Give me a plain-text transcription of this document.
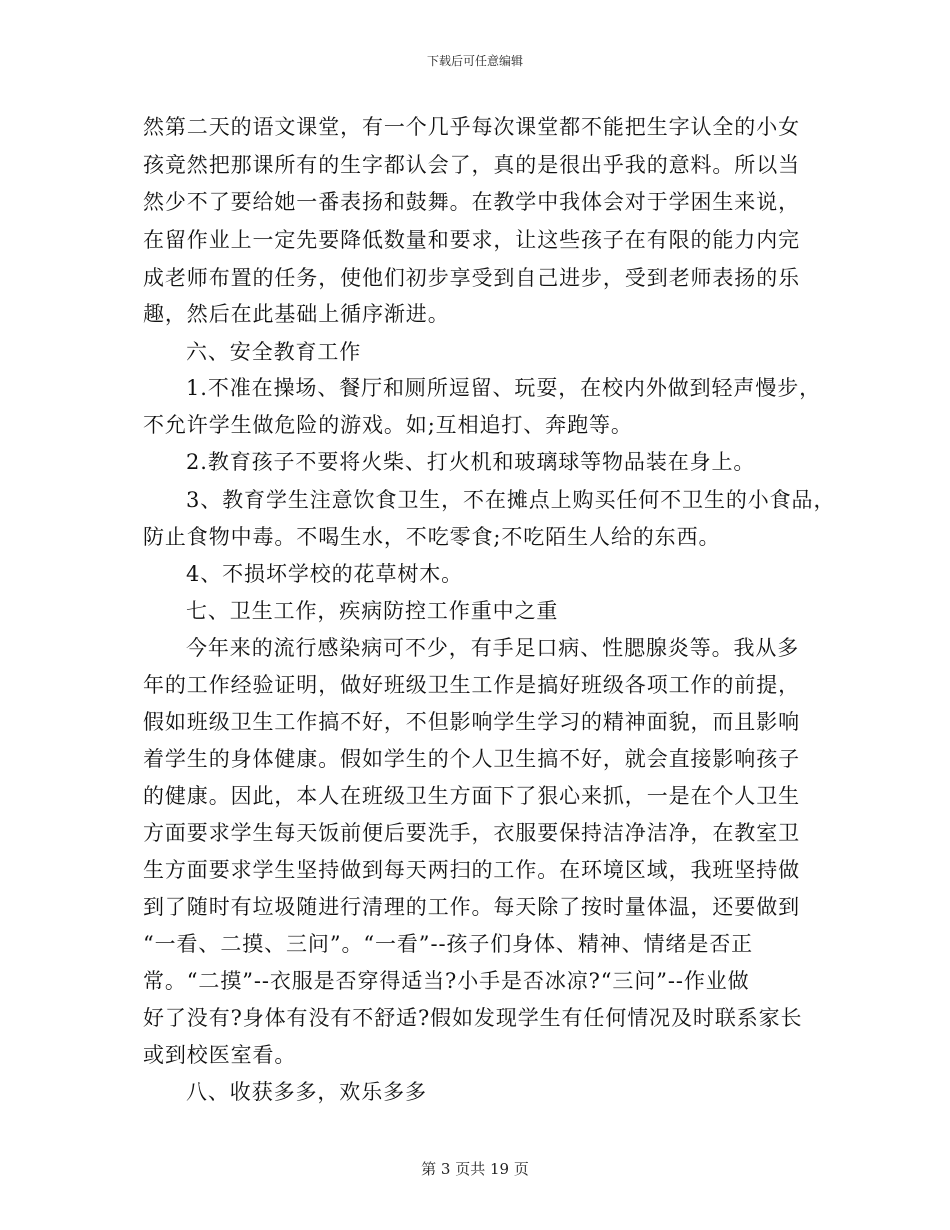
下载后可任意编辑
然第二天的语文课堂，有一个几乎每次课堂都不能把生字认全的小女
孩竟然把那课所有的生字都认会了，真的是很出乎我的意料。所以当
然少不了要给她一番表扬和鼓舞。在教学中我体会对于学困生来说，
在留作业上一定先要降低数量和要求，让这些孩子在有限的能力内完
成老师布置的任务，使他们初步享受到自己进步，受到老师表扬的乐
趣，然后在此基础上循序渐进。
六、安全教育工作
1.不准在操场、餐厅和厕所逗留、玩耍，在校内外做到轻声慢步，
不允许学生做危险的游戏。如;互相追打、奔跑等。
2.教育孩子不要将火柴、打火机和玻璃球等物品装在身上。
3、教育学生注意饮食卫生，不在摊点上购买任何不卫生的小食品，
防止食物中毒。不喝生水，不吃零食;不吃陌生人给的东西。
4、不损坏学校的花草树木。
七、卫生工作，疾病防控工作重中之重
今年来的流行感染病可不少，有手足口病、性腮腺炎等。我从多
年的工作经验证明，做好班级卫生工作是搞好班级各项工作的前提，
假如班级卫生工作搞不好，不但影响学生学习的精神面貌，而且影响
着学生的身体健康。假如学生的个人卫生搞不好，就会直接影响孩子
的健康。因此，本人在班级卫生方面下了狠心来抓，一是在个人卫生
方面要求学生每天饭前便后要洗手，衣服要保持洁净洁净，在教室卫
生方面要求学生坚持做到每天两扫的工作。在环境区域，我班坚持做
到了随时有垃圾随进行清理的工作。每天除了按时量体温，还要做到
“一看、二摸、三问”。“一看”--孩子们身体、精神、情绪是否正
常。“二摸”--衣服是否穿得适当?小手是否冰凉?“三问”--作业做
好了没有?身体有没有不舒适?假如发现学生有任何情况及时联系家长
或到校医室看。
八、收获多多，欢乐多多
第 3 页共 19 页
